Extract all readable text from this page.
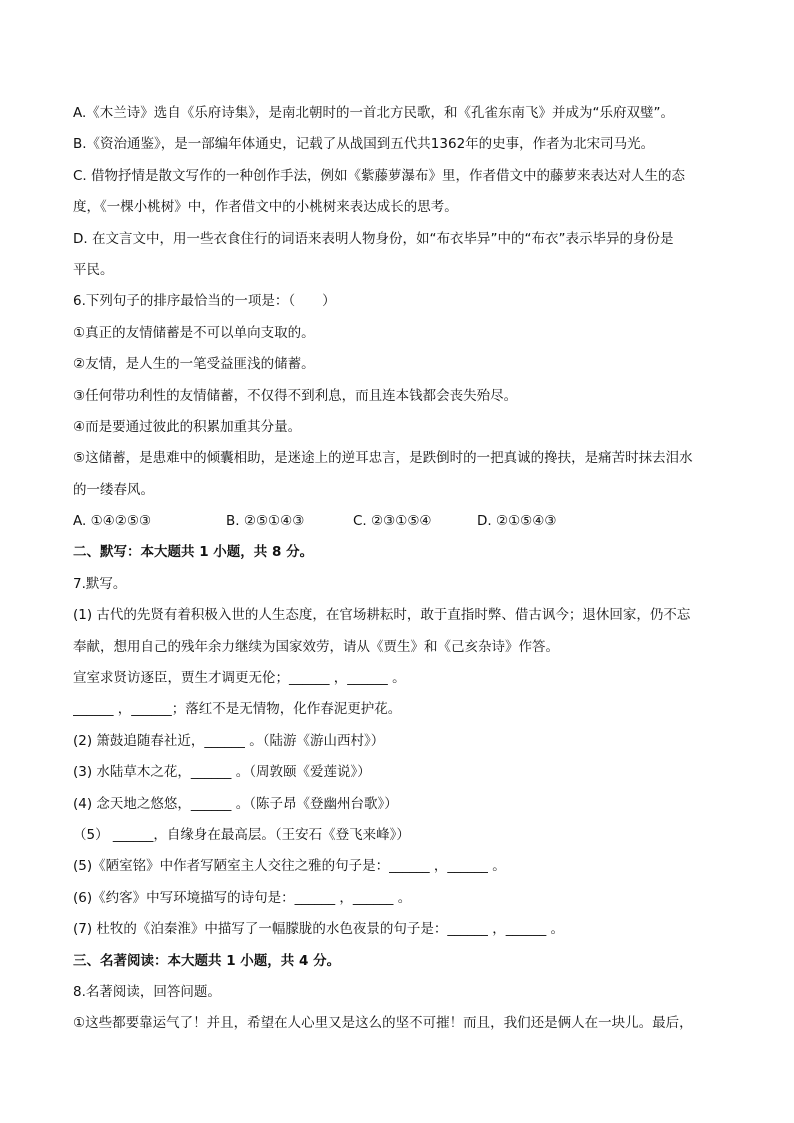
A.《木兰诗》选自《乐府诗集》，是南北朝时的一首北方民歌，和《孔雀东南飞》并成为“乐府双璧”。
B.《资治通鉴》，是一部编年体通史，记载了从战国到五代共1362年的史事，作者为北宋司马光。
C. 借物抒情是散文写作的一种创作手法，例如《紫藤萝瀑布》里，作者借文中的藤萝来表达对人生的态
度，《一棵小桃树》中，作者借文中的小桃树来表达成长的思考。
D. 在文言文中，用一些衣食住行的词语来表明人物身份，如“布衣毕异”中的“布衣”表示毕异的身份是
平民。
6.下列句子的排序最恰当的一项是：（　　）
①真正的友情储蓄是不可以单向支取的。
②友情，是人生的一笔受益匪浅的储蓄。
③任何带功利性的友情储蓄，不仅得不到利息，而且连本钱都会丧失殆尽。
④而是要通过彼此的积累加重其分量。
⑤这储蓄，是患难中的倾囊相助，是迷途上的逆耳忠言，是跌倒时的一把真诚的搀扶，是痛苦时抹去泪水
的一缕春风。
A. ①④②⑤③	B. ②⑤①④③	C. ②③①⑤④	D. ②①⑤④③
二、默写：本大题共 1 小题，共 8 分。
7.默写。
(1) 古代的先贤有着积极入世的人生态度，在官场耕耘时，敢于直指时弊、借古讽今；退休回家，仍不忘
奉献，想用自己的残年余力继续为国家效劳，请从《贾生》和《己亥杂诗》作答。
宣室求贤访逐臣，贾生才调更无伦；______ ，______ 。
______ ，______；落红不是无情物，化作春泥更护花。
(2) 箫鼓追随春社近，______ 。（陆游《游山西村》）
(3) 水陆草木之花，______ 。（周敦颐《爱莲说》）
(4) 念天地之悠悠，______ 。（陈子昂《登幽州台歌》）
（5） ______，自缘身在最高层。（王安石《登飞来峰》）
(5)《陋室铭》中作者写陋室主人交往之雅的句子是：______ ，______ 。
(6)《约客》中写环境描写的诗句是：______ ，______ 。
(7) 杜牧的《泊秦淮》中描写了一幅朦胧的水色夜景的句子是：______ ，______ 。
三、名著阅读：本大题共 1 小题，共 4 分。
8.名著阅读，回答问题。
①这些都要靠运气了！并且，希望在人心里又是这么的坚不可摧！而且，我们还是俩人在一块儿。最后，
